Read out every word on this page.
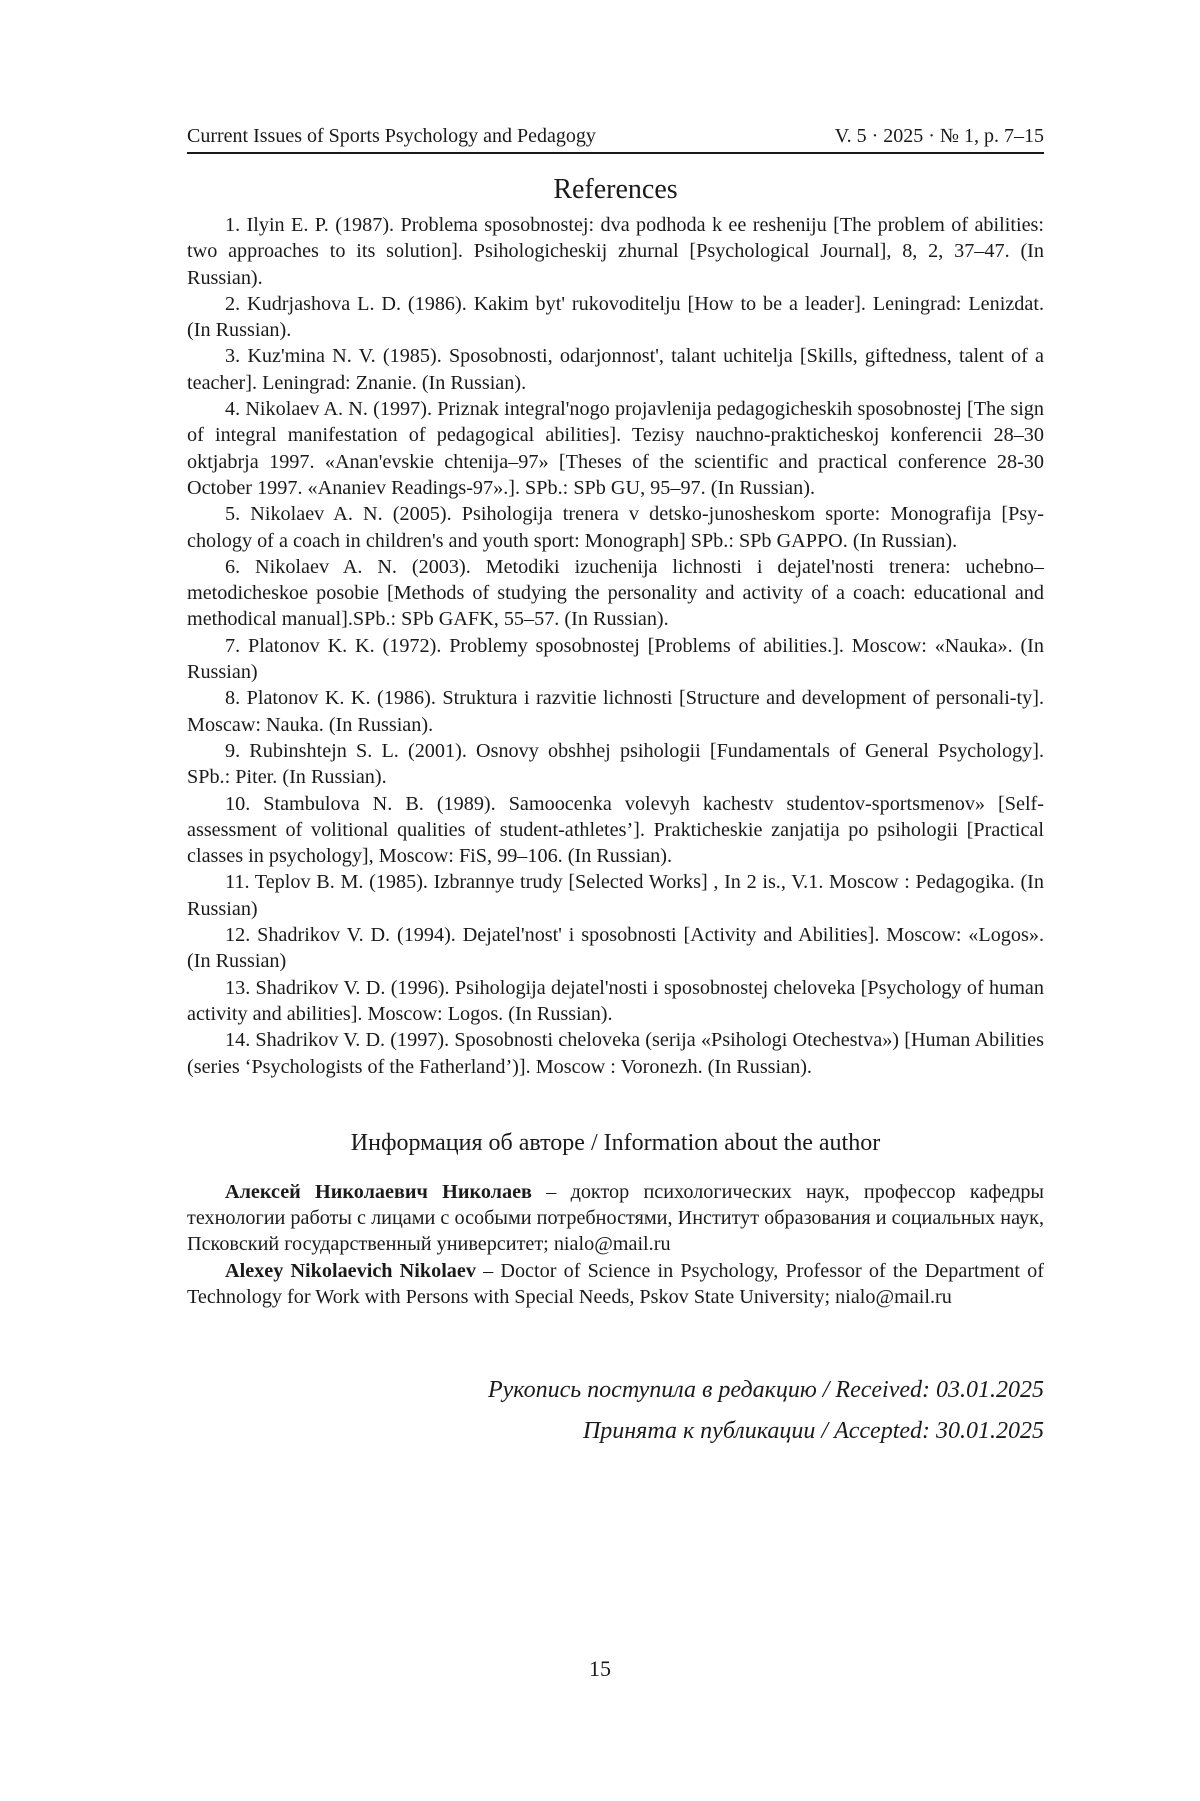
Current Issues of Sports Psychology and Pedagogy	V. 5 · 2025 · № 1, p. 7–15
References

1. Ilyin E. P. (1987). Problema sposobnostej: dva podhoda k ee resheniju [The problem of abilities: two approaches to its solution]. Psihologicheskij zhurnal [Psychological Journal], 8, 2, 37–47. (In Russian).

2. Kudrjashova L. D. (1986). Kakim byt' rukovoditelju [How to be a leader]. Leningrad: Lenizdat. (In Russian).

3. Kuz'mina N. V. (1985). Sposobnosti, odarjonnost', talant uchitelja [Skills, giftedness, talent of a teacher]. Leningrad: Znanie. (In Russian).

4. Nikolaev A. N. (1997). Priznak integral'nogo projavlenija pedagogicheskih sposobnostej [The sign of integral manifestation of pedagogical abilities]. Tezisy nauchno-prakticheskoj konferencii 28–30 oktjabrja 1997. «Anan'evskie chtenija–97» [Theses of the scientific and practical conference 28-30 October 1997. «Ananiev Readings-97».]. SPb.: SPb GU, 95–97. (In Russian).

5. Nikolaev A. N. (2005). Psihologija trenera v detsko-junosheskom sporte: Monografija [Psy-chology of a coach in children's and youth sport: Monograph] SPb.: SPb GAPPO. (In Russian).

6. Nikolaev A. N. (2003). Metodiki izuchenija lichnosti i dejatel'nosti trenera: uchebno–metodicheskoe posobie [Methods of studying the personality and activity of a coach: educational and methodical manual].SPb.: SPb GAFK, 55–57. (In Russian).

7. Platonov K. K. (1972). Problemy sposobnostej [Problems of abilities.]. Moscow: «Nauka». (In Russian)

8. Platonov K. K. (1986). Struktura i razvitie lichnosti [Structure and development of personali-ty]. Moscaw: Nauka. (In Russian).

9. Rubinshtejn S. L. (2001). Osnovy obshhej psihologii [Fundamentals of General Psychology]. SPb.: Piter. (In Russian).

10. Stambulova N. B. (1989). Samoocenka volevyh kachestv studentov-sportsmenov» [Self-assessment of volitional qualities of student-athletes’]. Prakticheskie zanjatija po psihologii [Practical classes in psychology], Moscow: FiS, 99–106. (In Russian).

11. Teplov B. M. (1985). Izbrannye trudy [Selected Works] , In 2 is., V.1. Moscow : Pedagogika. (In Russian)

12. Shadrikov V. D. (1994). Dejatel'nost' i sposobnosti [Activity and Abilities]. Moscow: «Logos». (In Russian)

13. Shadrikov V. D. (1996). Psihologija dejatel'nosti i sposobnostej cheloveka [Psychology of human activity and abilities]. Moscow: Logos. (In Russian).

14. Shadrikov V. D. (1997). Sposobnosti cheloveka (serija «Psihologi Otechestva») [Human Abilities (series ‘Psychologists of the Fatherland’)]. Moscow : Voronezh. (In Russian).

Информация об авторе / Information about the author

Алексей Николаевич Николаев – доктор психологических наук, профессор кафедры технологии работы с лицами с особыми потребностями, Институт образования и социальных наук, Псковский государственный университет; nialo@mail.ru

Alexey Nikolaevich Nikolaev – Doctor of Science in Psychology, Professor of the Department of Technology for Work with Persons with Special Needs, Pskov State University; nialo@mail.ru

Рукопись поступила в редакцию / Received: 03.01.2025
Принята к публикации / Accepted: 30.01.2025
15
